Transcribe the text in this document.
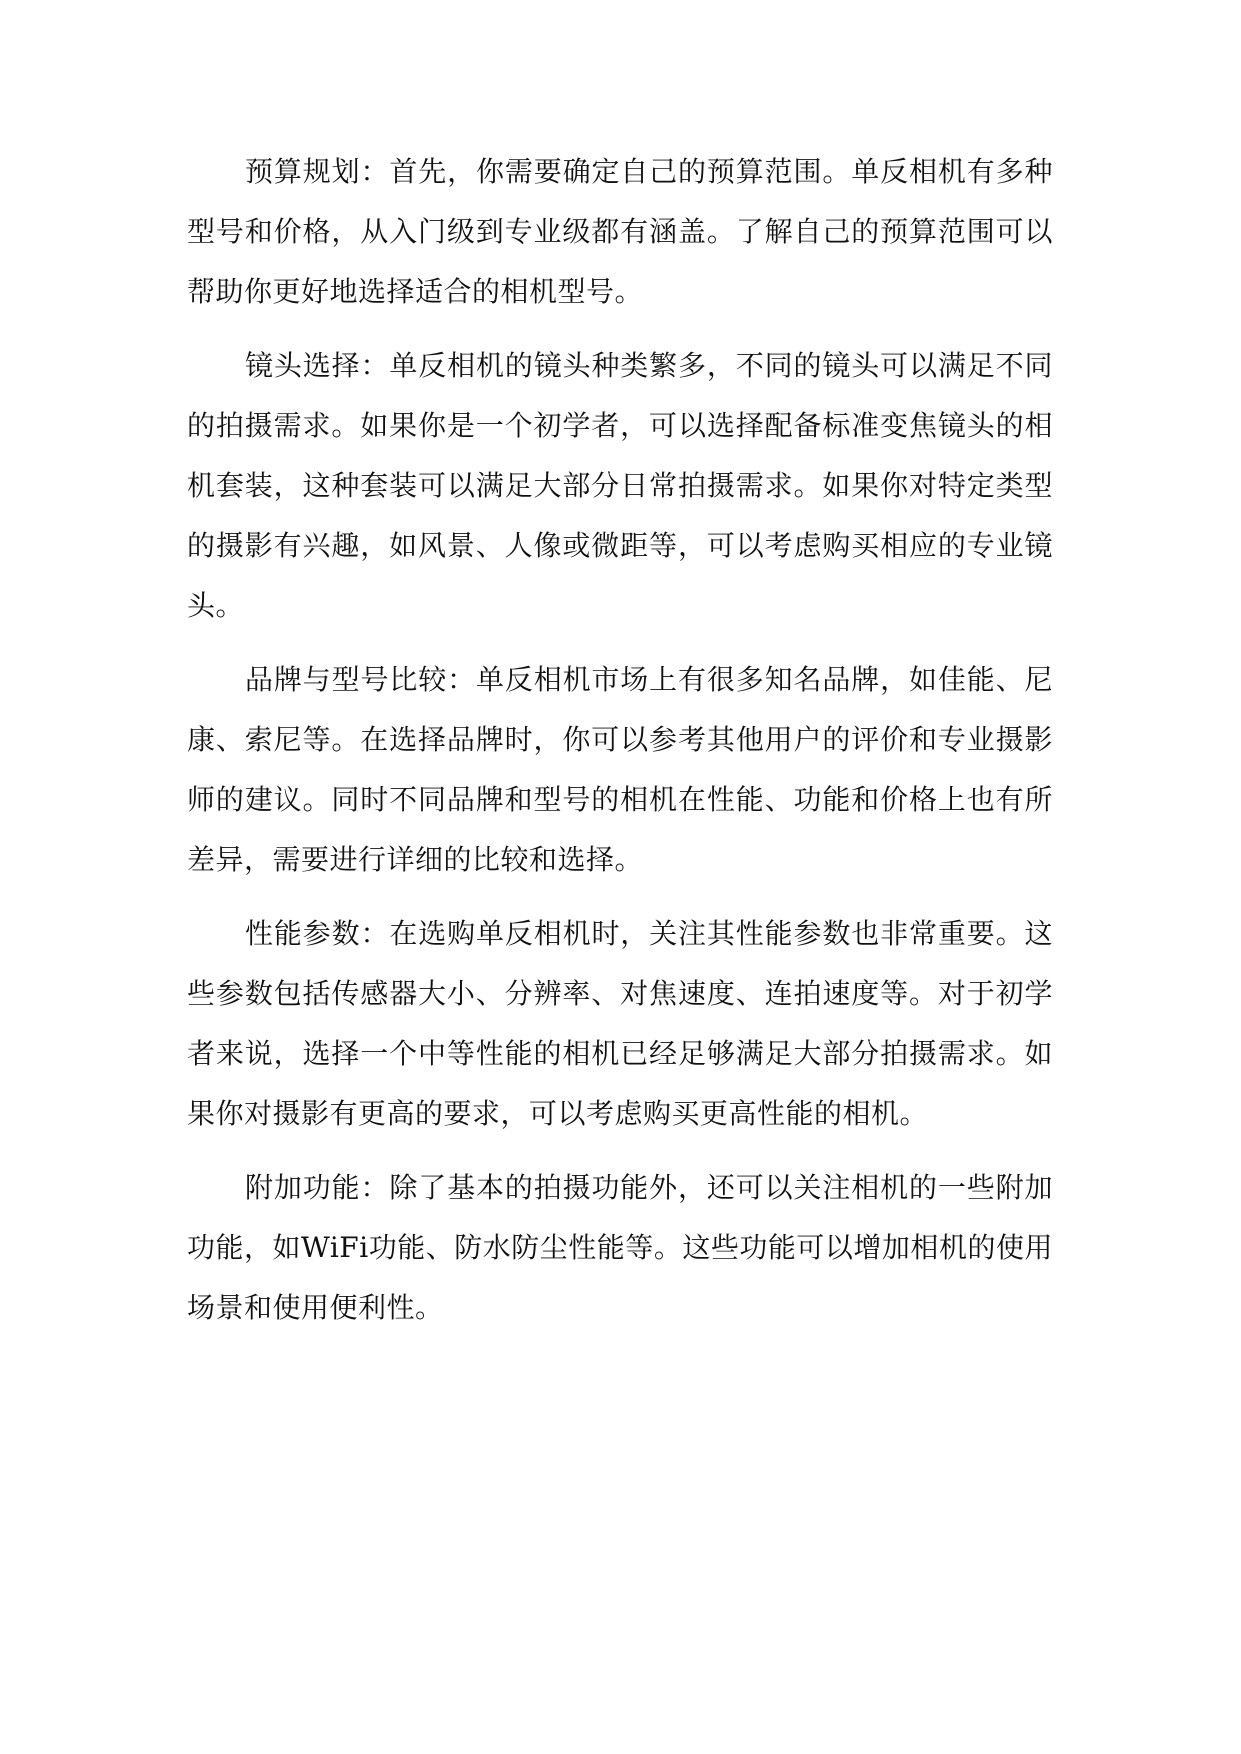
预算规划：首先，你需要确定自己的预算范围。单反相机有多种型号和价格，从入门级到专业级都有涵盖。了解自己的预算范围可以帮助你更好地选择适合的相机型号。

镜头选择：单反相机的镜头种类繁多，不同的镜头可以满足不同的拍摄需求。如果你是一个初学者，可以选择配备标准变焦镜头的相机套装，这种套装可以满足大部分日常拍摄需求。如果你对特定类型的摄影有兴趣，如风景、人像或微距等，可以考虑购买相应的专业镜头。

品牌与型号比较：单反相机市场上有很多知名品牌，如佳能、尼康、索尼等。在选择品牌时，你可以参考其他用户的评价和专业摄影师的建议。同时不同品牌和型号的相机在性能、功能和价格上也有所差异，需要进行详细的比较和选择。

性能参数：在选购单反相机时，关注其性能参数也非常重要。这些参数包括传感器大小、分辨率、对焦速度、连拍速度等。对于初学者来说，选择一个中等性能的相机已经足够满足大部分拍摄需求。如果你对摄影有更高的要求，可以考虑购买更高性能的相机。

附加功能：除了基本的拍摄功能外，还可以关注相机的一些附加功能，如WiFi功能、防水防尘性能等。这些功能可以增加相机的使用场景和使用便利性。
